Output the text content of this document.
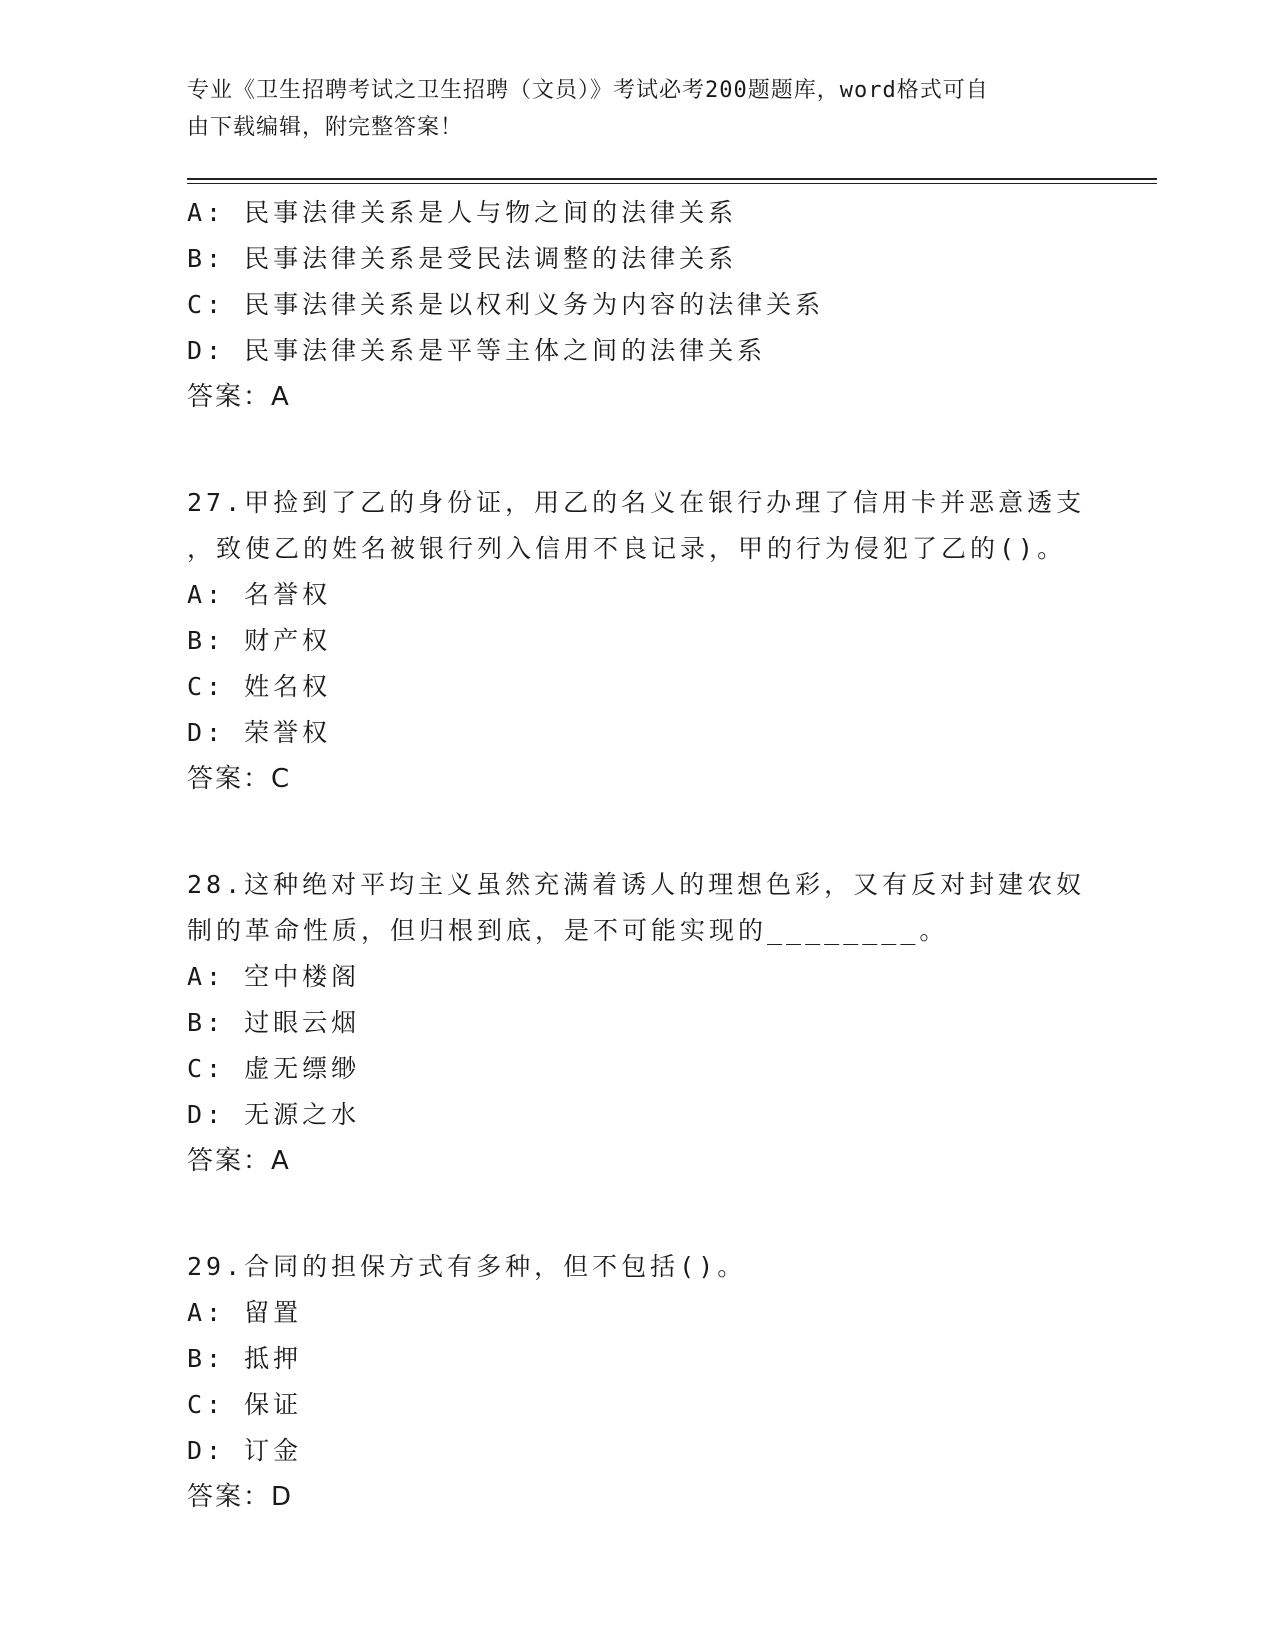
专业《卫生招聘考试之卫生招聘（文员）》考试必考200题题库，word格式可自
由下载编辑，附完整答案！
A: 民事法律关系是人与物之间的法律关系
B: 民事法律关系是受民法调整的法律关系
C: 民事法律关系是以权利义务为内容的法律关系
D: 民事法律关系是平等主体之间的法律关系
答案：A
27.甲捡到了乙的身份证，用乙的名义在银行办理了信用卡并恶意透支
，致使乙的姓名被银行列入信用不良记录，甲的行为侵犯了乙的()。
A: 名誉权
B: 财产权
C: 姓名权
D: 荣誉权
答案：C
28.这种绝对平均主义虽然充满着诱人的理想色彩，又有反对封建农奴
制的革命性质，但归根到底，是不可能实现的________。
A: 空中楼阁
B: 过眼云烟
C: 虚无缥缈
D: 无源之水
答案：A
29.合同的担保方式有多种，但不包括()。
A: 留置
B: 抵押
C: 保证
D: 订金
答案：D
